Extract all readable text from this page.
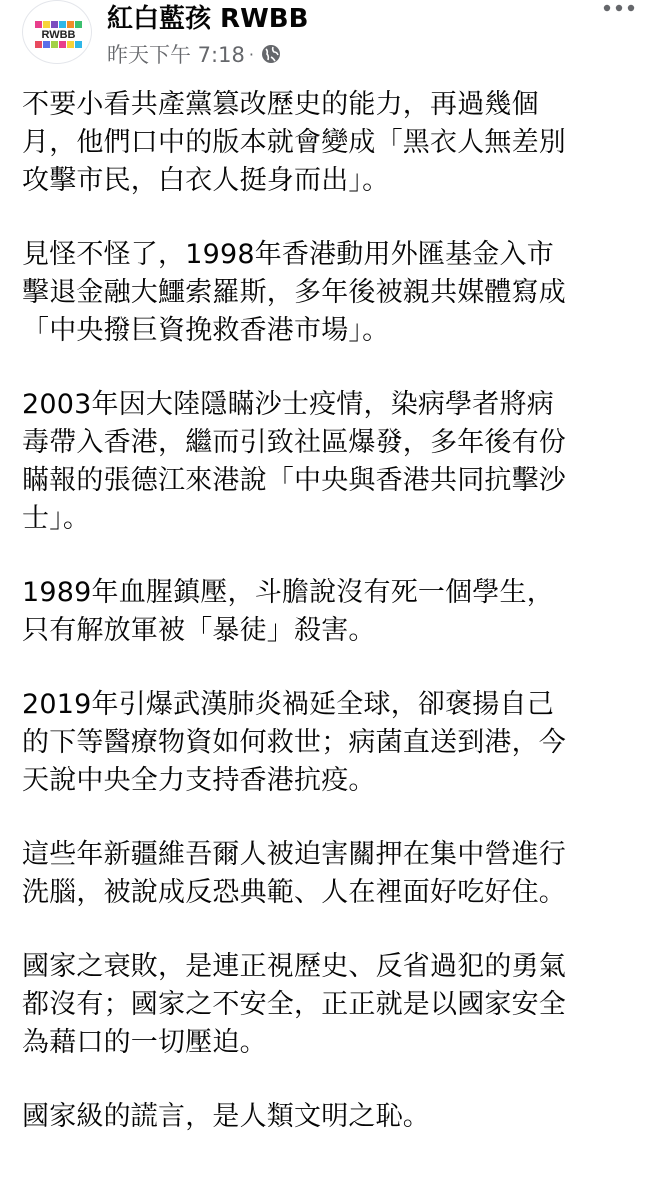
RWBB
紅白藍孩 RWBB
昨天下午 7:18 ·

不要小看共產黨篡改歷史的能力，再過幾個
月，他們口中的版本就會變成「黑衣人無差別
攻擊市民，白衣人挺身而出」。

見怪不怪了，1998年香港動用外匯基金入市
擊退金融大鱷索羅斯，多年後被親共媒體寫成
「中央撥巨資挽救香港市場」。

2003年因大陸隱瞞沙士疫情，染病學者將病
毒帶入香港，繼而引致社區爆發，多年後有份
瞞報的張德江來港說「中央與香港共同抗擊沙
士」。

1989年血腥鎮壓，斗膽說沒有死一個學生，
只有解放軍被「暴徒」殺害。

2019年引爆武漢肺炎禍延全球，卻褒揚自己
的下等醫療物資如何救世；病菌直送到港，今
天說中央全力支持香港抗疫。

這些年新疆維吾爾人被迫害關押在集中營進行
洗腦，被說成反恐典範、人在裡面好吃好住。

國家之衰敗，是連正視歷史、反省過犯的勇氣
都沒有；國家之不安全，正正就是以國家安全
為藉口的一切壓迫。

國家級的謊言，是人類文明之恥。
